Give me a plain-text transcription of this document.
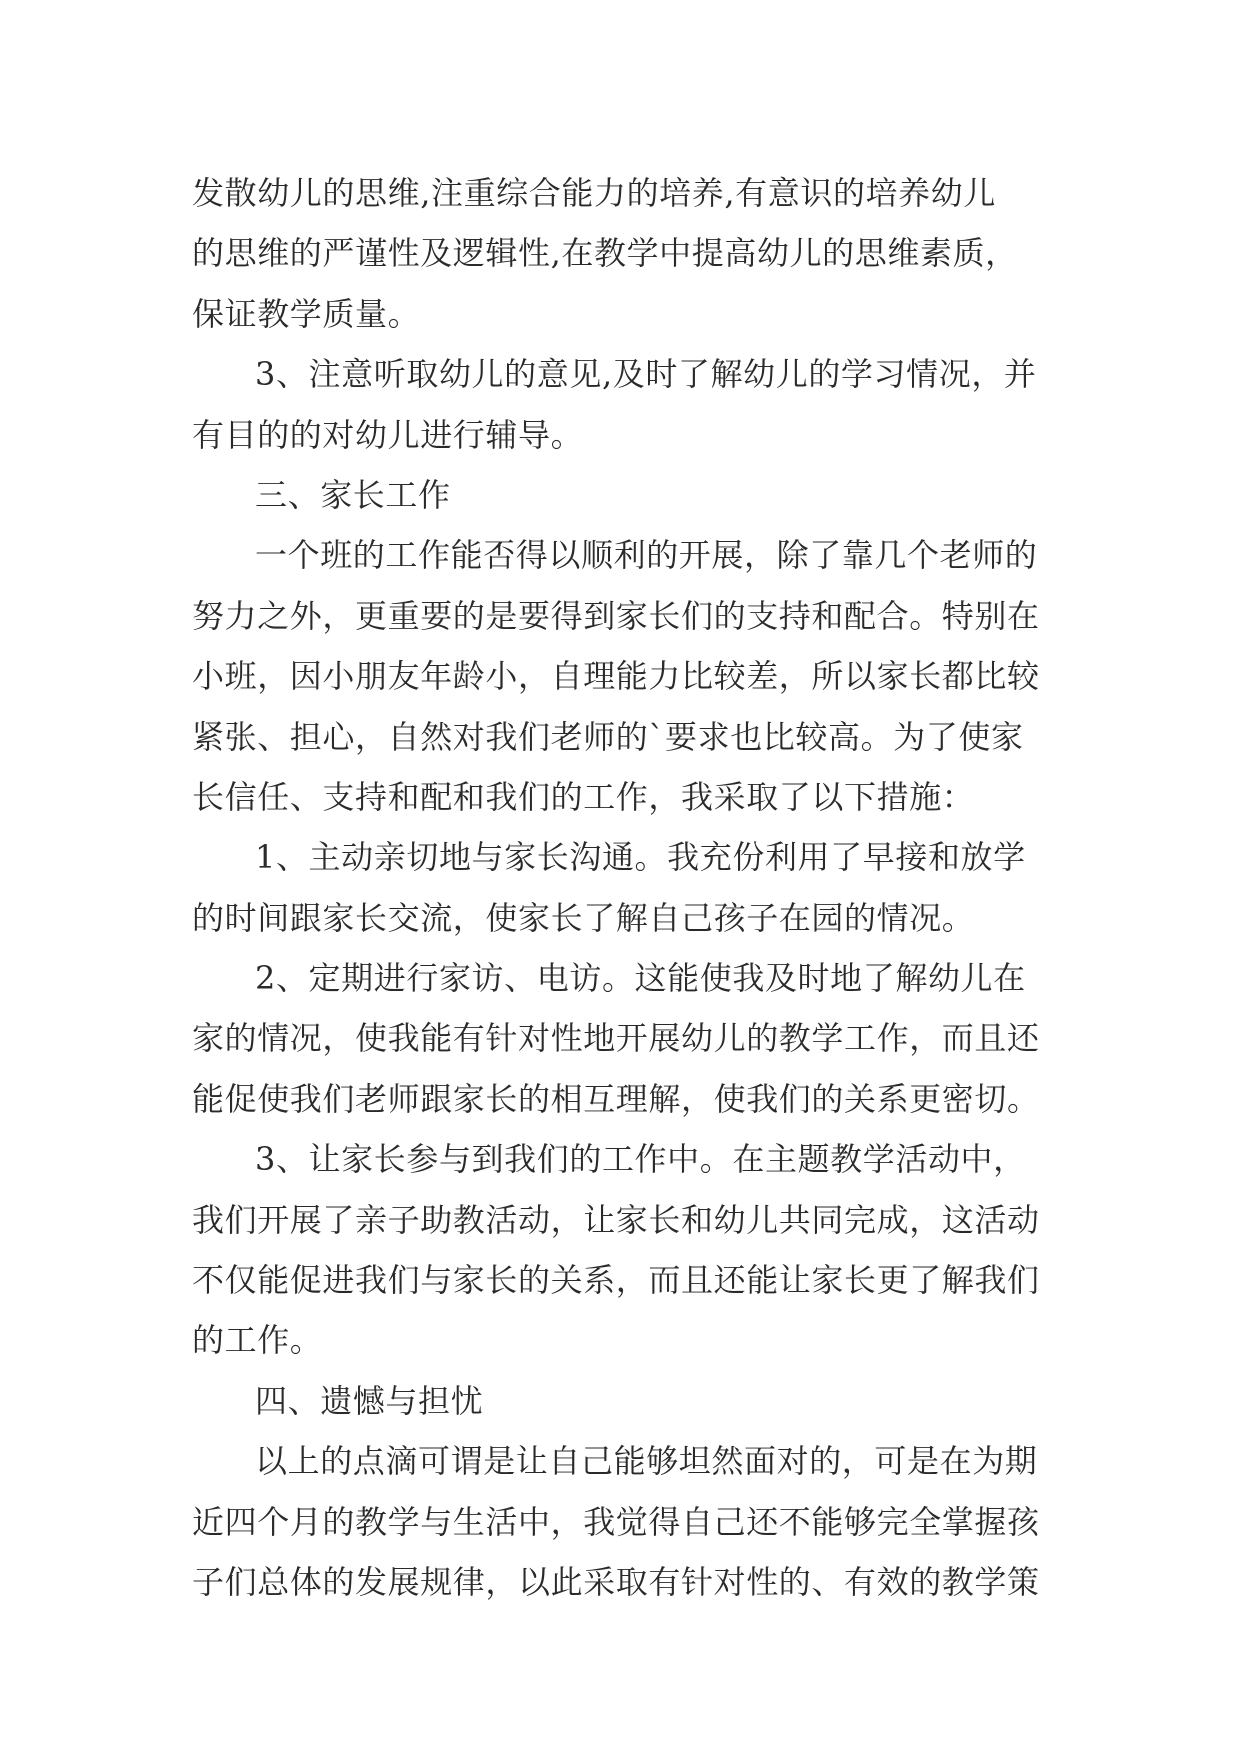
发散幼儿的思维,注重综合能力的培养,有意识的培养幼儿
的思维的严谨性及逻辑性,在教学中提高幼儿的思维素质，
保证教学质量。
3、注意听取幼儿的意见,及时了解幼儿的学习情况，并
有目的的对幼儿进行辅导。
三、家长工作
一个班的工作能否得以顺利的开展，除了靠几个老师的
努力之外，更重要的是要得到家长们的支持和配合。特别在
小班，因小朋友年龄小，自理能力比较差，所以家长都比较
紧张、担心，自然对我们老师的`要求也比较高。为了使家
长信任、支持和配和我们的工作，我采取了以下措施：
1、主动亲切地与家长沟通。我充份利用了早接和放学
的时间跟家长交流，使家长了解自己孩子在园的情况。
2、定期进行家访、电访。这能使我及时地了解幼儿在
家的情况，使我能有针对性地开展幼儿的教学工作，而且还
能促使我们老师跟家长的相互理解，使我们的关系更密切。
3、让家长参与到我们的工作中。在主题教学活动中，
我们开展了亲子助教活动，让家长和幼儿共同完成，这活动
不仅能促进我们与家长的关系，而且还能让家长更了解我们
的工作。
四、遗憾与担忧
以上的点滴可谓是让自己能够坦然面对的，可是在为期
近四个月的教学与生活中，我觉得自己还不能够完全掌握孩
子们总体的发展规律，以此采取有针对性的、有效的教学策
